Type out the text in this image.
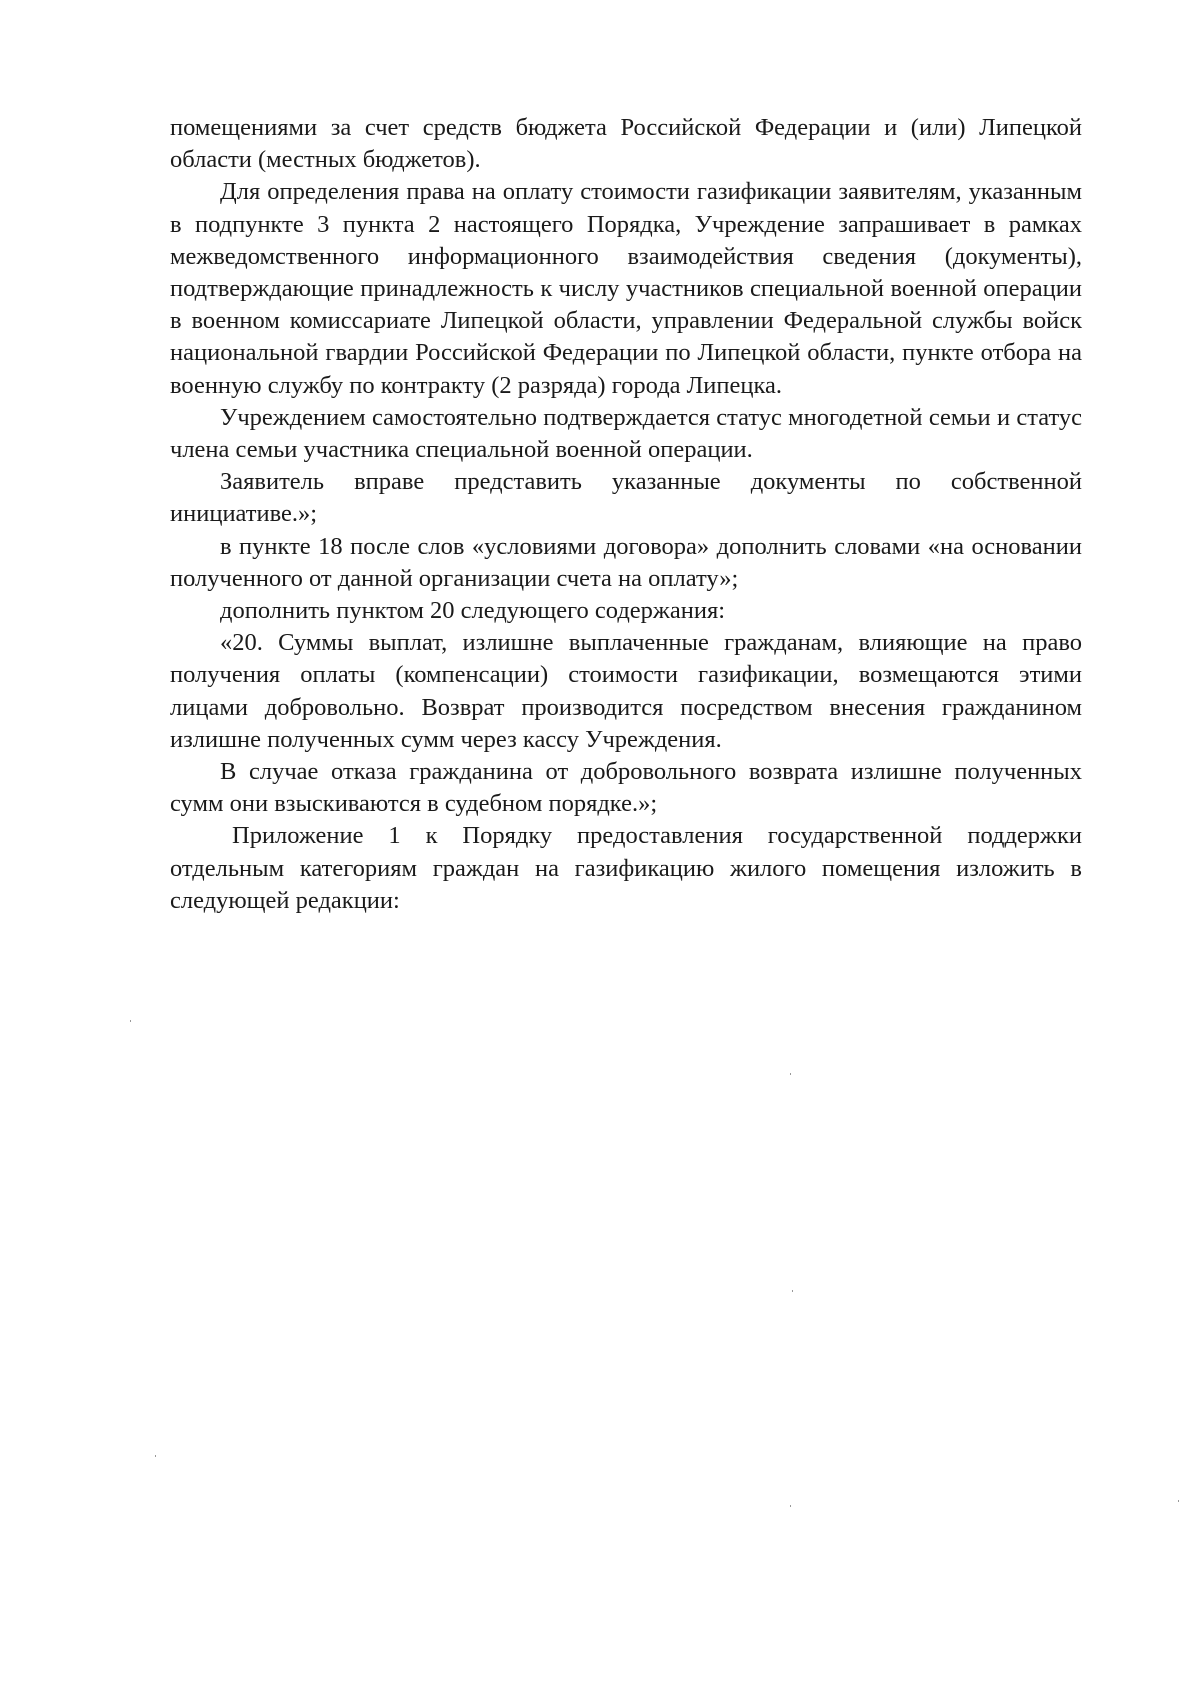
помещениями за счет средств бюджета Российской Федерации и (или) Липецкой области (местных бюджетов).

Для определения права на оплату стоимости газификации заявителям, указанным в подпункте 3 пункта 2 настоящего Порядка, Учреждение запрашивает в рамках межведомственного информационного взаимодействия сведения (документы), подтверждающие принадлежность к числу участников специальной военной операции в военном комиссариате Липецкой области, управлении Федеральной службы войск национальной гвардии Российской Федерации по Липецкой области, пункте отбора на военную службу по контракту (2 разряда) города Липецка.

Учреждением самостоятельно подтверждается статус многодетной семьи и статус члена семьи участника специальной военной операции.

Заявитель вправе представить указанные документы по собственной инициативе.»;

в пункте 18 после слов «условиями договора» дополнить словами «на основании полученного от данной организации счета на оплату»;

дополнить пунктом 20 следующего содержания:

«20. Суммы выплат, излишне выплаченные гражданам, влияющие на право получения оплаты (компенсации) стоимости газификации, возмещаются этими лицами добровольно. Возврат производится посредством внесения гражданином излишне полученных сумм через кассу Учреждения.

В случае отказа гражданина от добровольного возврата излишне полученных сумм они взыскиваются в судебном порядке.»;

Приложение 1 к Порядку предоставления государственной поддержки отдельным категориям граждан на газификацию жилого помещения изложить в следующей редакции:
